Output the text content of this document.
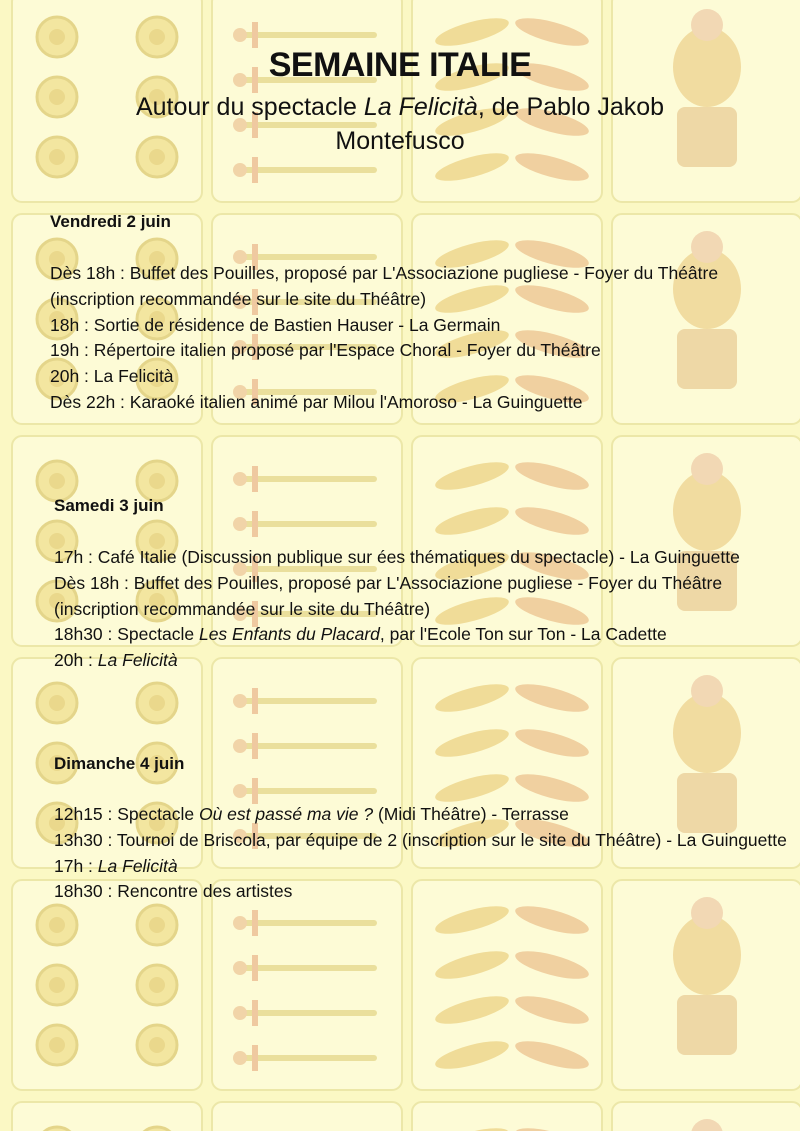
SEMAINE ITALIE
Autour du spectacle La Felicità, de Pablo Jakob Montefusco
Vendredi 2 juin
Dès 18h : Buffet des Pouilles, proposé par L'Associazione pugliese - Foyer du Théâtre
(inscription recommandée sur le site du Théâtre)
18h : Sortie de résidence de Bastien Hauser - La Germain
19h : Répertoire italien proposé par l'Espace Choral - Foyer du Théâtre
20h : La Felicità
Dès 22h : Karaoké italien animé par Milou l'Amoroso - La Guinguette
Samedi 3 juin
17h : Café Italie (Discussion publique sur ées thématiques du spectacle) - La Guinguette
Dès 18h : Buffet des Pouilles, proposé par L'Associazione pugliese - Foyer du Théâtre
(inscription recommandée sur le site du Théâtre)
18h30 : Spectacle Les Enfants du Placard, par l'Ecole Ton sur Ton - La Cadette
20h : La Felicità
Dimanche 4 juin
12h15 : Spectacle Où est passé ma vie ? (Midi Théâtre) - Terrasse
13h30 : Tournoi de Briscola, par équipe de 2 (inscription sur le site du Théâtre) - La Guinguette
17h : La Felicità
18h30 : Rencontre des artistes
